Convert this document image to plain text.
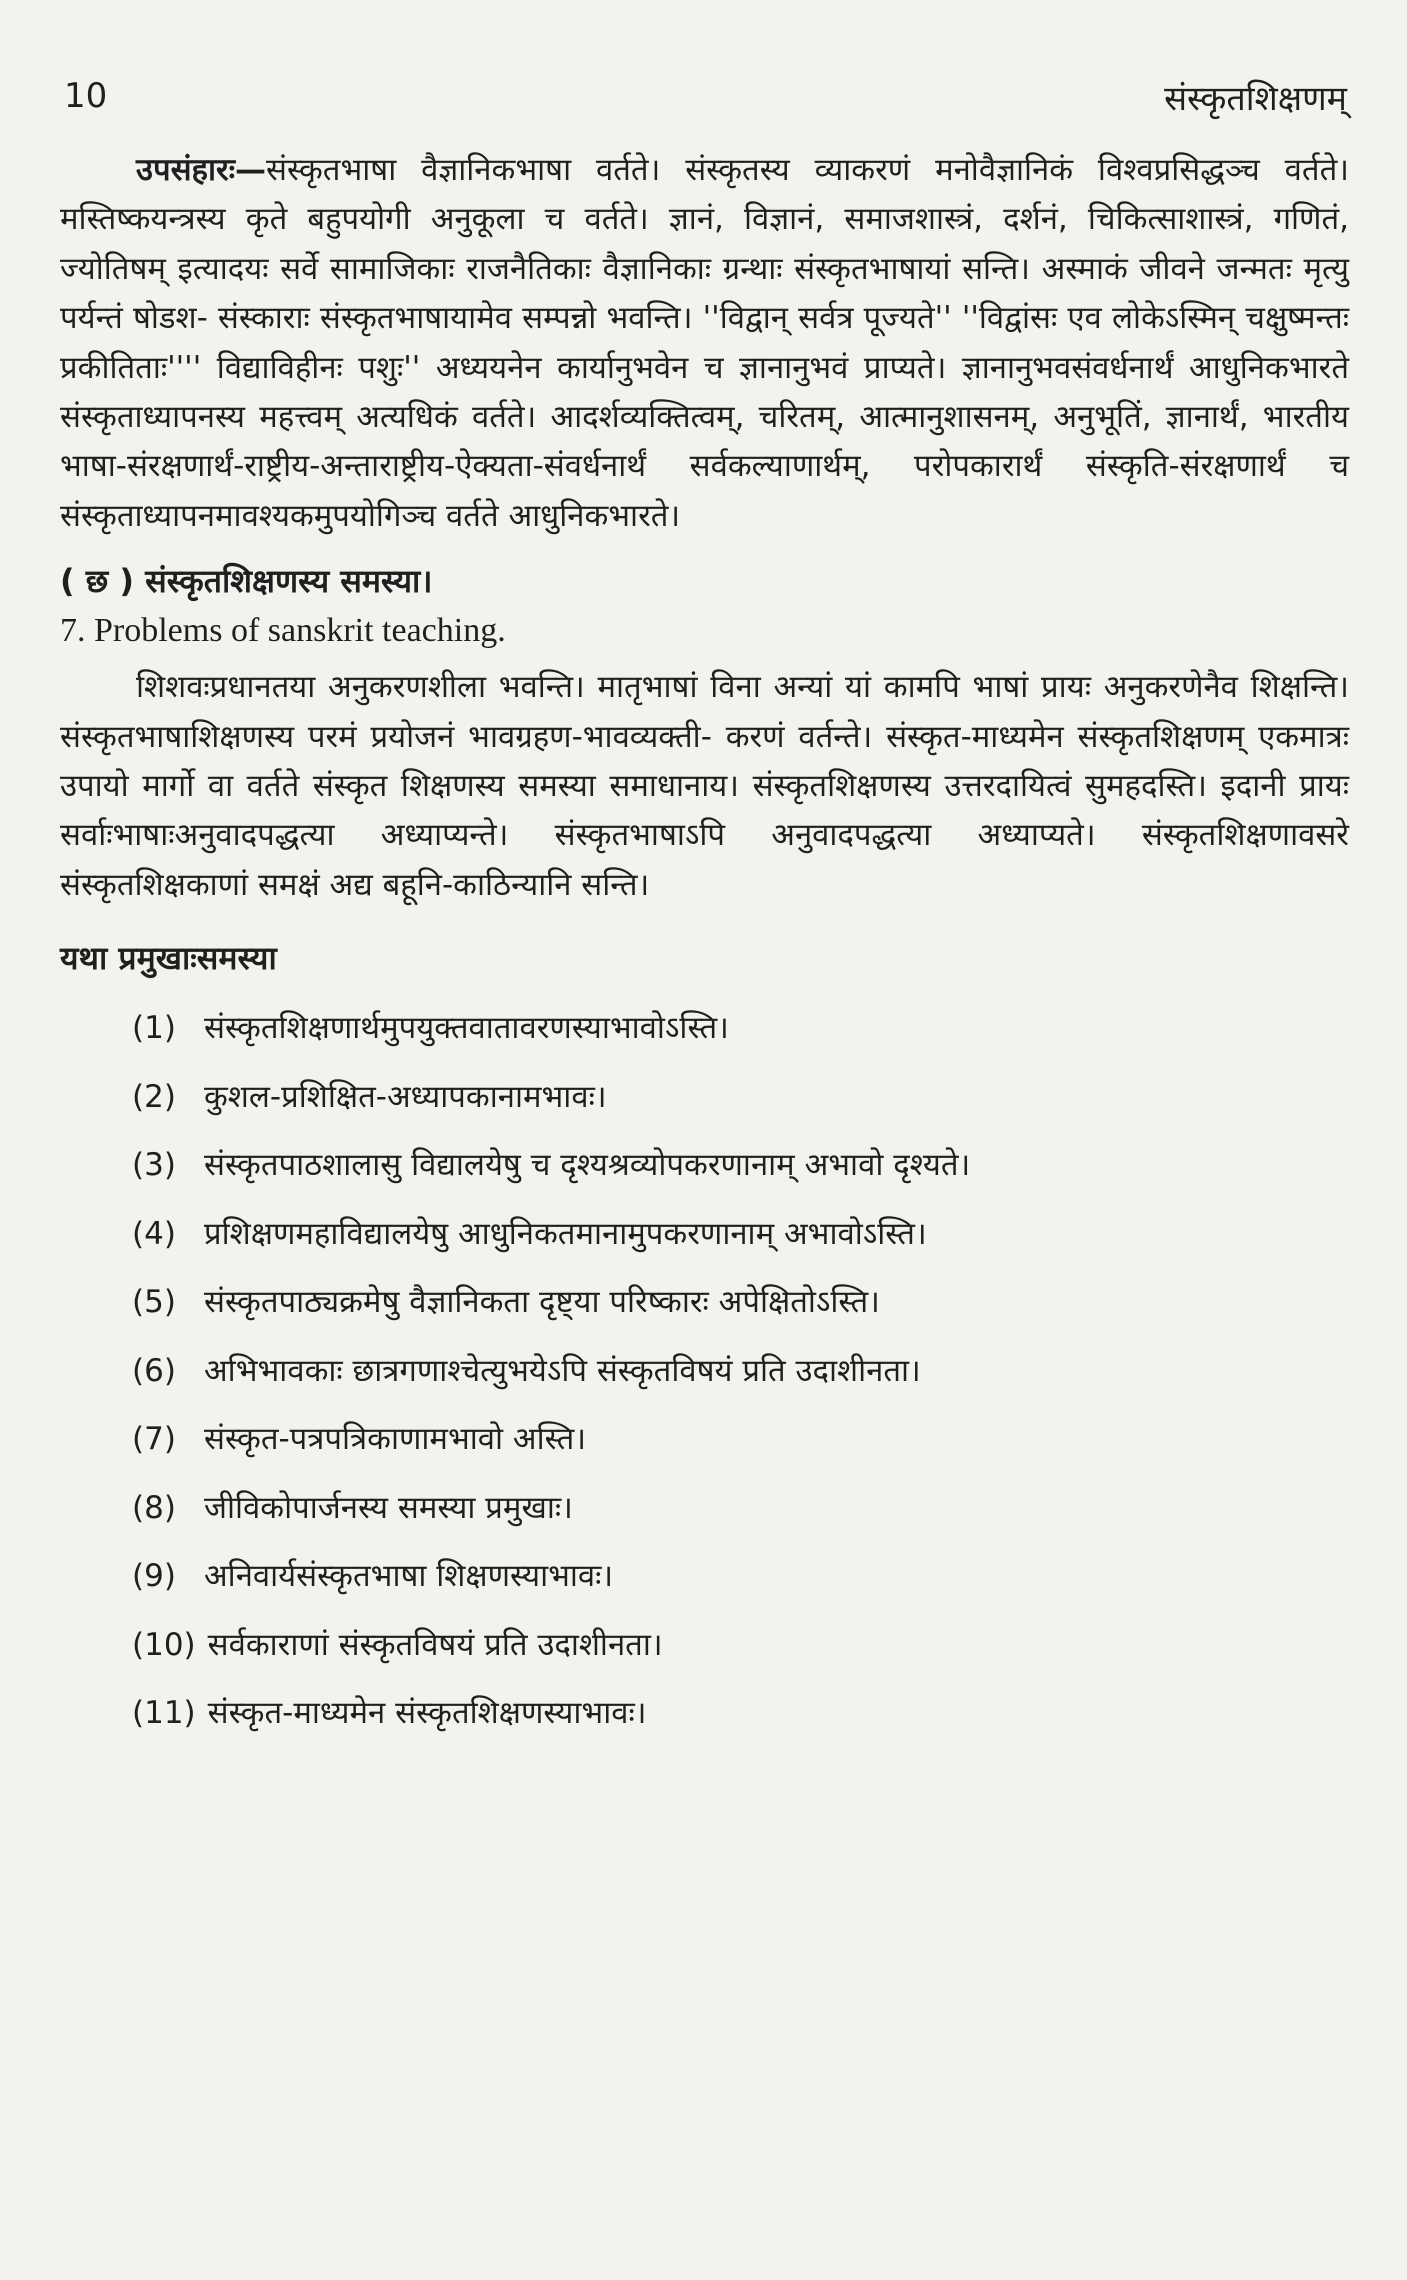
10	संस्कृतशिक्षणम्

उपसंहारः—संस्कृतभाषा वैज्ञानिकभाषा वर्तते। संस्कृतस्य व्याकरणं मनोवैज्ञानिकं विश्वप्रसिद्धञ्च वर्तते। मस्तिष्कयन्त्रस्य कृते बहुपयोगी अनुकूला च वर्तते। ज्ञानं, विज्ञानं, समाजशास्त्रं, दर्शनं, चिकित्साशास्त्रं, गणितं, ज्योतिषम् इत्यादयः सर्वे सामाजिकाः राजनैतिकाः वैज्ञानिकाः ग्रन्थाः संस्कृतभाषायां सन्ति। अस्माकं जीवने जन्मतः मृत्यु पर्यन्तं षोडश- संस्काराः संस्कृतभाषायामेव सम्पन्नो भवन्ति। ''विद्वान् सर्वत्र पूज्यते'' ''विद्वांसः एव लोकेऽस्मिन् चक्षुष्मन्तः प्रकीतिताः'''' विद्याविहीनः पशुः'' अध्ययनेन कार्यानुभवेन च ज्ञानानुभवं प्राप्यते। ज्ञानानुभवसंवर्धनार्थं आधुनिकभारते संस्कृताध्यापनस्य महत्त्वम् अत्यधिकं वर्तते। आदर्शव्यक्तित्वम्, चरितम्, आत्मानुशासनम्, अनुभूतिं, ज्ञानार्थं, भारतीय भाषा-संरक्षणार्थं-राष्ट्रीय-अन्ताराष्ट्रीय-ऐक्यता-संवर्धनार्थं सर्वकल्याणार्थम्, परोपकारार्थं संस्कृति-संरक्षणार्थं च संस्कृताध्यापनमावश्यकमुपयोगिञ्च वर्तते आधुनिकभारते।

( छ ) संस्कृतशिक्षणस्य समस्या।
7. Problems of sanskrit teaching.

शिशवःप्रधानतया अनुकरणशीला भवन्ति। मातृभाषां विना अन्यां यां कामपि भाषां प्रायः अनुकरणेनैव शिक्षन्ति। संस्कृतभाषाशिक्षणस्य परमं प्रयोजनं भावग्रहण-भावव्यक्ती- करणं वर्तन्ते। संस्कृत-माध्यमेन संस्कृतशिक्षणम् एकमात्रः उपायो मार्गो वा वर्तते संस्कृत शिक्षणस्य समस्या समाधानाय। संस्कृतशिक्षणस्य उत्तरदायित्वं सुमहदस्ति। इदानी प्रायः सर्वाःभाषाःअनुवादपद्धत्या अध्याप्यन्ते। संस्कृतभाषाऽपि अनुवादपद्धत्या अध्याप्यते। संस्कृतशिक्षणावसरे संस्कृतशिक्षकाणां समक्षं अद्य बहूनि-काठिन्यानि सन्ति।

यथा प्रमुखाःसमस्या
(1) संस्कृतशिक्षणार्थमुपयुक्तवातावरणस्याभावोऽस्ति।
(2) कुशल-प्रशिक्षित-अध्यापकानामभावः।
(3) संस्कृतपाठशालासु विद्यालयेषु च दृश्यश्रव्योपकरणानाम् अभावो दृश्यते।
(4) प्रशिक्षणमहाविद्यालयेषु आधुनिकतमानामुपकरणानाम् अभावोऽस्ति।
(5) संस्कृतपाठ्यक्रमेषु वैज्ञानिकता दृष्ट्या परिष्कारः अपेक्षितोऽस्ति।
(6) अभिभावकाः छात्रगणाश्चेत्युभयेऽपि संस्कृतविषयं प्रति उदाशीनता।
(7) संस्कृत-पत्रपत्रिकाणामभावो अस्ति।
(8) जीविकोपार्जनस्य समस्या प्रमुखाः।
(9) अनिवार्यसंस्कृतभाषा शिक्षणस्याभावः।
(10) सर्वकाराणां संस्कृतविषयं प्रति उदाशीनता।
(11) संस्कृत-माध्यमेन संस्कृतशिक्षणस्याभावः।
